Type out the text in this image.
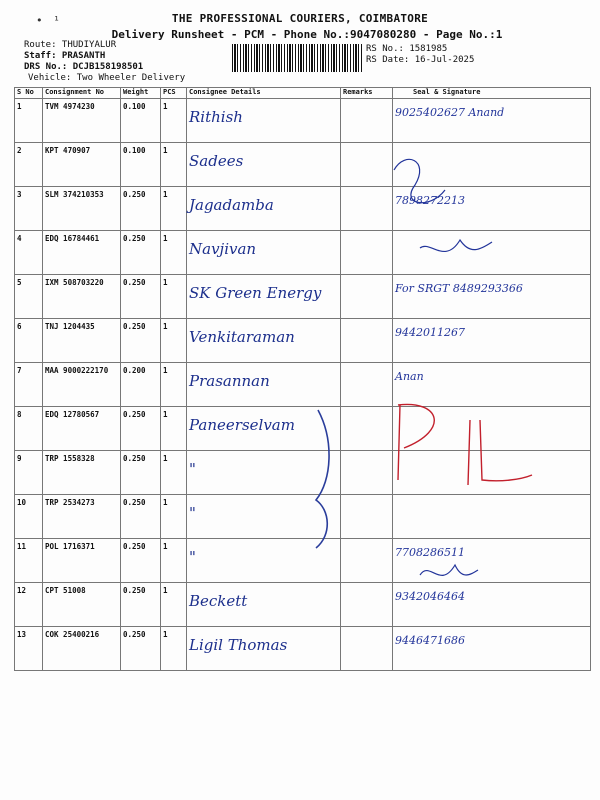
• ¹	THE PROFESSIONAL COURIERS, COIMBATORE
Delivery Runsheet - PCM - Phone No.:9047080280 - Page No.:1
Route: THUDIYALUR
Staff: PRASANTH
DRS No.: DCJB158198501
Vehicle: Two Wheeler Delivery
RS No.: 1581985
RS Date: 16-Jul-2025
S No	Consignment No	Weight	PCS	Consignee Details	Remarks	Seal & Signature
1	TVM 4974230	0.100	1	Rithish		9025402627 Anand

2	KPT 470907	0.100	1	Sadees		

3	SLM 374210353	0.250	1	Jagadamba		7898272213

4	EDQ 16784461	0.250	1	Navjivan		

5	IXM 508703220	0.250	1	SK Green Energy		For SRGT 8489293366

6	TNJ 1204435	0.250	1	Venkitaraman		9442011267

7	MAA 9000222170	0.200	1	Prasannan		Anan

8	EDQ 12780567	0.250	1	Paneerselvam		

9	TRP 1558328	0.250	1	"		

10	TRP 2534273	0.250	1	"		

11	POL 1716371	0.250	1	"		7708286511

12	CPT 51008	0.250	1	Beckett		9342046464

13	COK 25400216	0.250	1	Ligil Thomas		9446471686
